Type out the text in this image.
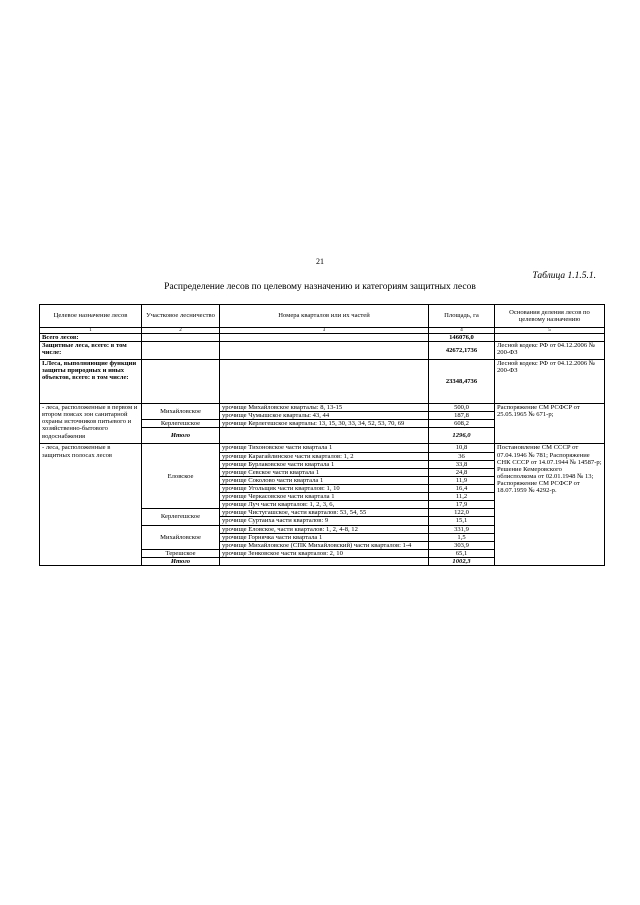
21
Таблица 1.1.5.1.
Распределение лесов по целевому назначению и категориям защитных лесов
Целевое назначение лесов	Участковое лесничество	Номера кварталов или их частей	Площадь, га	Основания деления лесов по целевому назначению
1	2	3	4	5
Всего лесов:			146076,0	
Защитные леса, всего: в том числе:			42672,1736	Лесной кодекс РФ от 04.12.2006 № 200-ФЗ
I.Леса, выполняющие функции защиты природных и иных объектов, всего: в том числе:			23348,4736	Лесной кодекс РФ от 04.12.2006 № 200-ФЗ
- леса, расположенные в первом и втором поясах зон санитарной охраны источников питьевого и хозяйственно-бытового водоснабжения	Михайловское	урочище Михайловское кварталы: 8, 13-15	500,0	Распоряжение СМ РСФСР от 25.05.1965 № 671-р;
		урочище Чумышское кварталы: 43, 44	187,8	
	Керлегешское	урочище Керлегешское кварталы: 13, 15, 30, 33, 34, 52, 53, 70, 69	608,2	
	Итого		1296,0	
- леса, расположенные в защитных полосах лесов	Еловское	урочище Тихоновское части квартала 1	10,8	Постановление СМ СССР от 07.04.1946 № 781; Распоряжение СНК СССР от 14.07.1944 № 14587-р; Решение Кемеровского облисполкома от 02.01.1948 № 13; Распоряжение СМ РСФСР от 18.07.1959 № 4292-р.
		урочище Карагайлинское части кварталов: 1, 2	36	
		урочище Бурлаковское части квартала 1	33,8	
		урочище Севское части квартала 1	24,8	
		урочище Соколово части квартала 1	11,9	
		урочище Угольщик части кварталов: 1, 10	16,4	
		урочище Черкасовское части квартала 1	11,2	
		урочище Луч части кварталов: 1, 2, 3, 6,	17,9	
	Керлегешское	урочище Чистугашское, части кварталов: 53, 54, 55	122,0	
		урочище Суртаиха части кварталов: 9	15,1	
	Михайловское	урочище Еловское, части кварталов: 1, 2, 4-8, 12	331,9	
		урочище Горнячка части квартала 1	1,5	
		урочище Михайловское (СПК Михайловский) части кварталов: 1-4	303,9	
	Терешское	урочище Зенковское части кварталов: 2, 10	65,1	
	Итого		1002,3	
